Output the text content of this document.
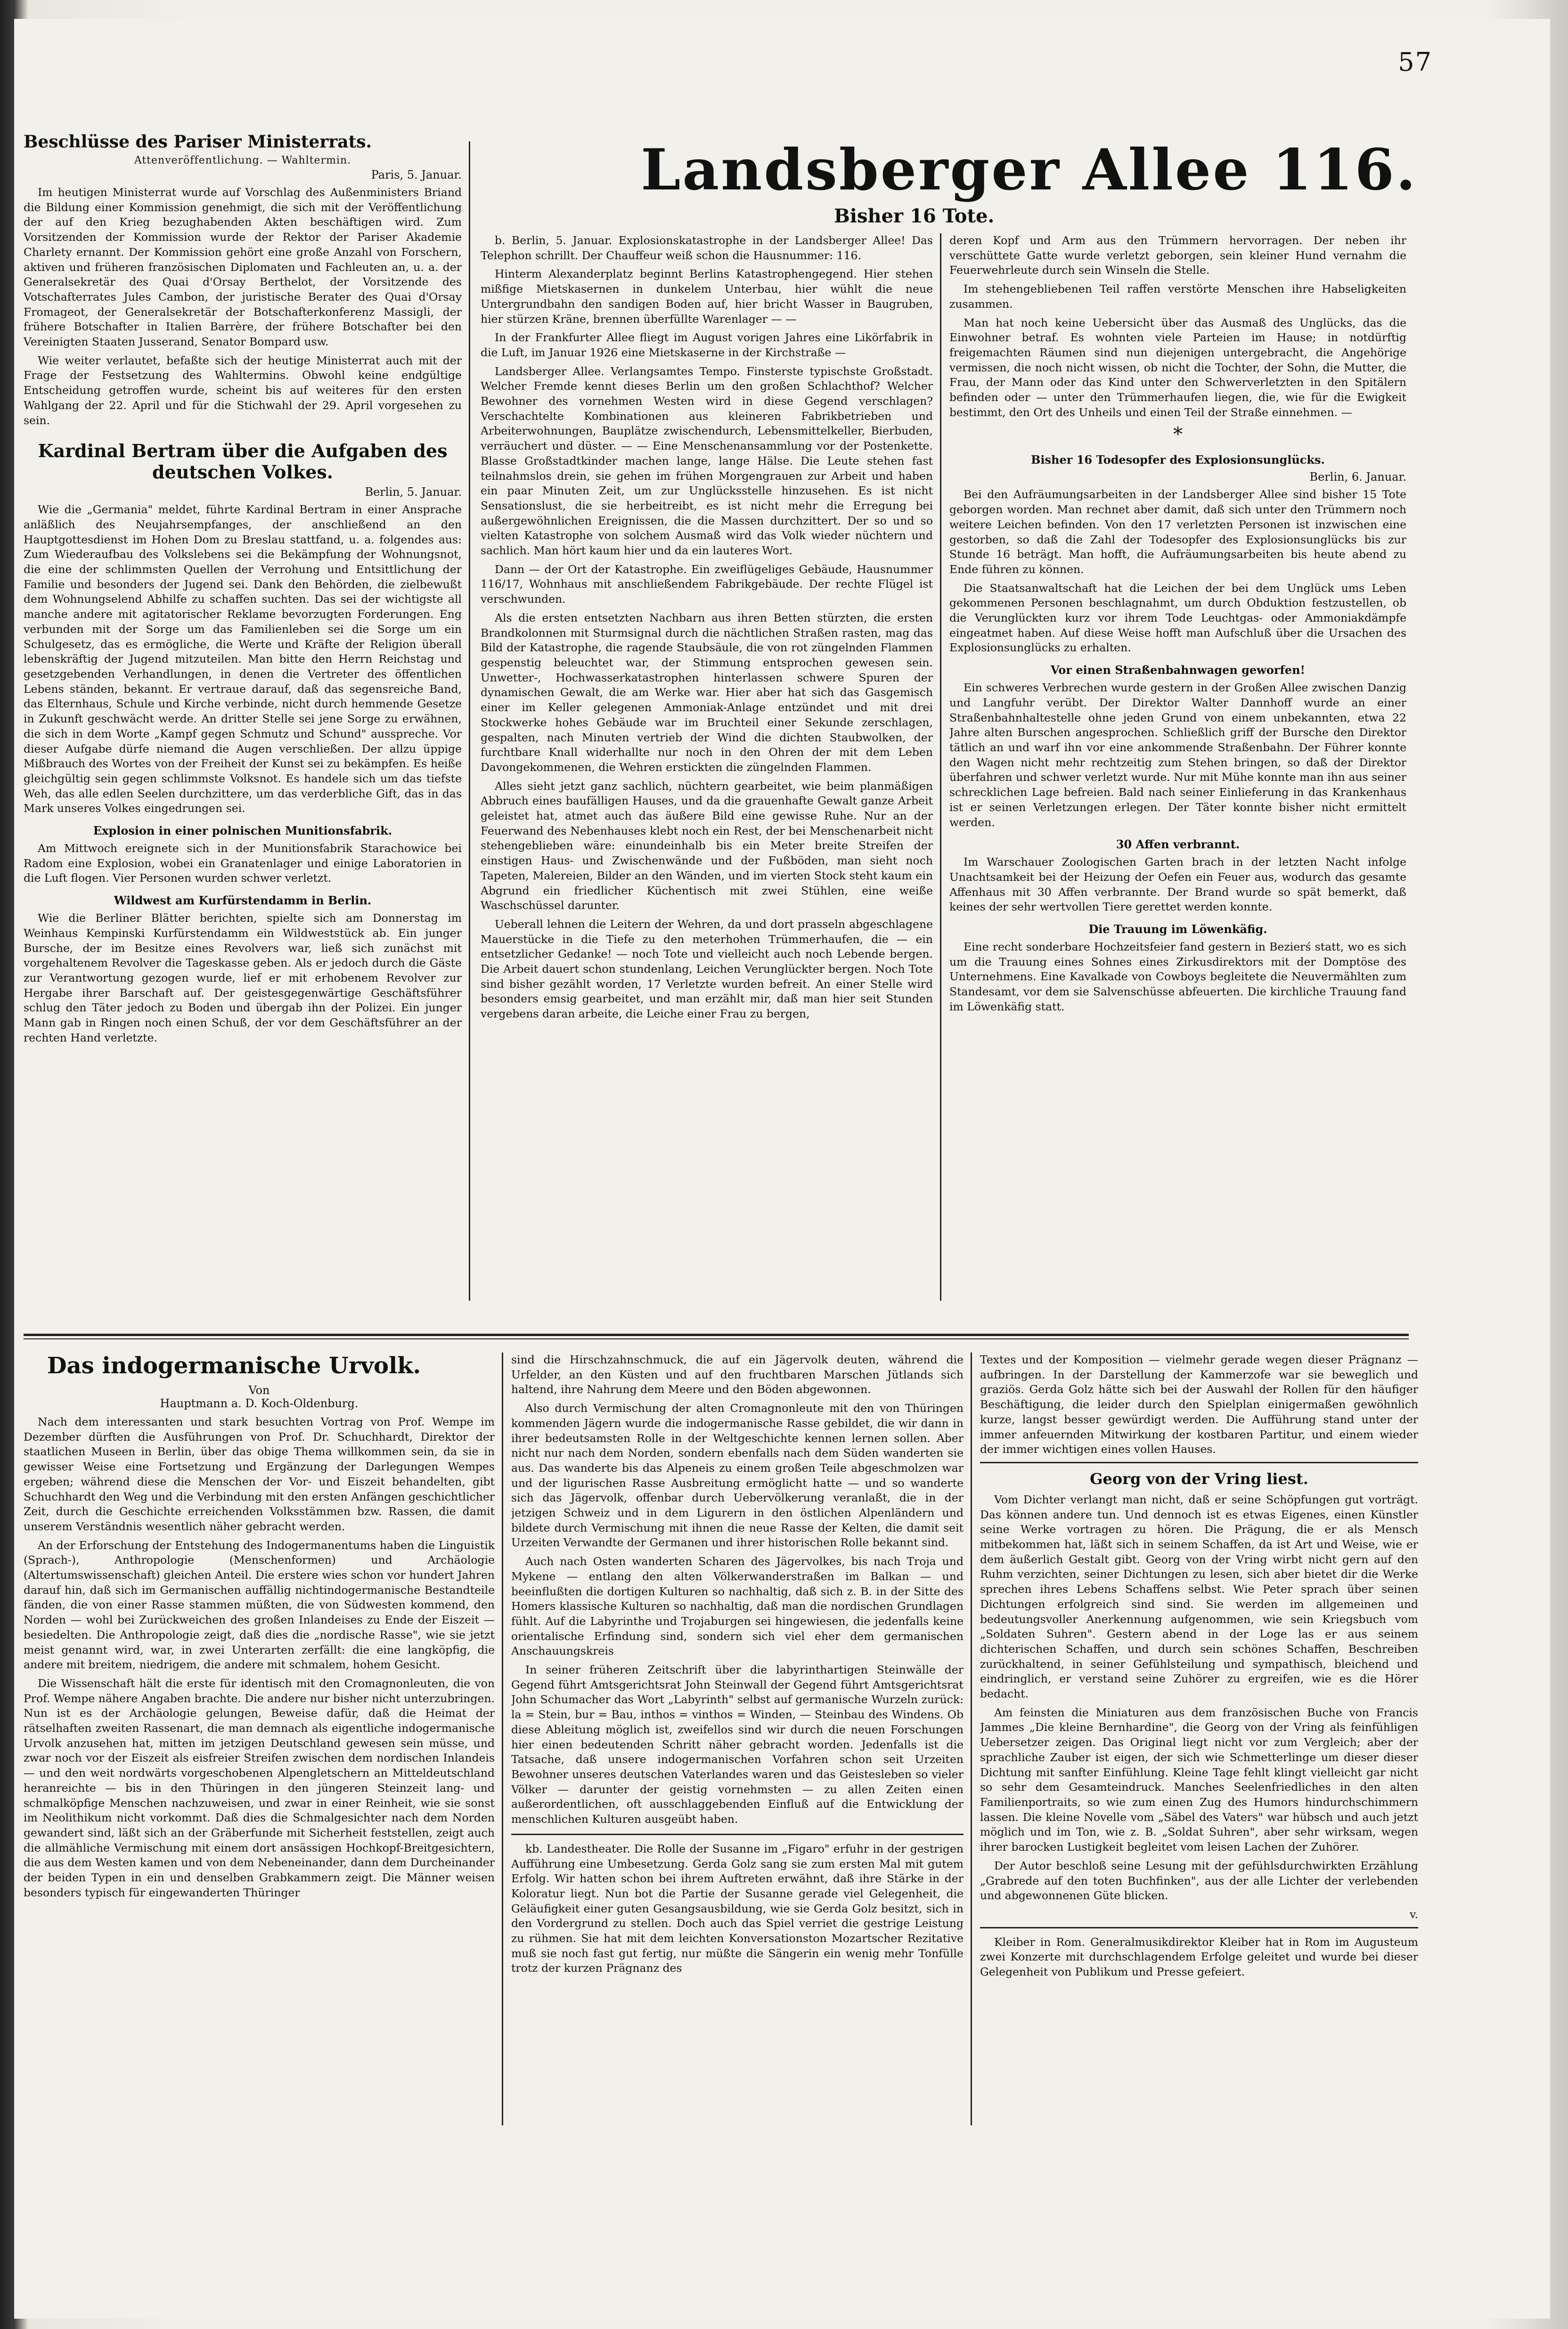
57
Beschlüsse des Pariser Ministerrats.
Attenveröffentlichung. — Wahltermin.
Paris, 5. Januar.

Im heutigen Ministerrat wurde auf Vorschlag des Außenministers Briand die Bildung einer Kommission genehmigt, die sich mit der Veröffentlichung der auf den Krieg bezughabenden Akten beschäftigen wird. Zum Vorsitzenden der Kommission wurde der Rektor der Pariser Akademie Charlety ernannt. Der Kommission gehört eine große Anzahl von Forschern, aktiven und früheren französischen Diplomaten und Fachleuten an, u. a. der Generalsekretär des Quai d'Orsay Berthelot, der Vorsitzende des Votschafterrates Jules Cambon, der juristische Berater des Quai d'Orsay Fromageot, der Generalsekretär der Botschafterkonferenz Massigli, der frühere Botschafter in Italien Barrère, der frühere Botschafter bei den Vereinigten Staaten Jusserand, Senator Bompard usw.

Wie weiter verlautet, befaßte sich der heutige Ministerrat auch mit der Frage der Festsetzung des Wahltermins. Obwohl keine endgültige Entscheidung getroffen wurde, scheint bis auf weiteres für den ersten Wahlgang der 22. April und für die Stichwahl der 29. April vorgesehen zu sein.

Kardinal Bertram über die Aufgaben des deutschen Volkes.
Berlin, 5. Januar.

Wie die „Germania" meldet, führte Kardinal Bertram in einer Ansprache anläßlich des Neujahrsempfanges, der anschließend an den Hauptgottesdienst im Hohen Dom zu Breslau stattfand, u. a. folgendes aus: Zum Wiederaufbau des Volkslebens sei die Bekämpfung der Wohnungsnot, die eine der schlimmsten Quellen der Verrohung und Entsittlichung der Familie und besonders der Jugend sei. Dank den Behörden, die zielbewußt dem Wohnungselend Abhilfe zu schaffen suchten. Das sei der wichtigste all manche andere mit agitatorischer Reklame bevorzugten Forderungen. Eng verbunden mit der Sorge um das Familienleben sei die Sorge um ein Schulgesetz, das es ermögliche, die Werte und Kräfte der Religion überall lebenskräftig der Jugend mitzuteilen. Man bitte den Herrn Reichstag und gesetzgebenden Verhandlungen, in denen die Vertreter des öffentlichen Lebens ständen, bekannt. Er vertraue darauf, daß das segensreiche Band, das Elternhaus, Schule und Kirche verbinde, nicht durch hemmende Gesetze in Zukunft geschwächt werde. An dritter Stelle sei jene Sorge zu erwähnen, die sich in dem Worte „Kampf gegen Schmutz und Schund" ausspreche. Vor dieser Aufgabe dürfe niemand die Augen verschließen. Der allzu üppige Mißbrauch des Wortes von der Freiheit der Kunst sei zu bekämpfen. Es heiße gleichgültig sein gegen schlimmste Volksnot. Es handele sich um das tiefste Weh, das alle edlen Seelen durchzittere, um das verderbliche Gift, das in das Mark unseres Volkes eingedrungen sei.

Explosion in einer polnischen Munitionsfabrik.

Am Mittwoch ereignete sich in der Munitionsfabrik Starachowice bei Radom eine Explosion, wobei ein Granatenlager und einige Laboratorien in die Luft flogen. Vier Personen wurden schwer verletzt.

Wildwest am Kurfürstendamm in Berlin.

Wie die Berliner Blätter berichten, spielte sich am Donnerstag im Weinhaus Kempinski Kurfürstendamm ein Wildweststück ab. Ein junger Bursche, der im Besitze eines Revolvers war, ließ sich zunächst mit vorgehaltenem Revolver die Tageskasse geben. Als er jedoch durch die Gäste zur Verantwortung gezogen wurde, lief er mit erhobenem Revolver zur Hergabe ihrer Barschaft auf. Der geistesgegenwärtige Geschäftsführer schlug den Täter jedoch zu Boden und übergab ihn der Polizei. Ein junger Mann gab in Ringen noch einen Schuß, der vor dem Geschäftsführer an der rechten Hand verletzte.

Landsberger Allee 116.
Bisher 16 Tote.

b. Berlin, 5. Januar. Explosionskatastrophe in der Landsberger Allee! Das Telephon schrillt. Der Chauffeur weiß schon die Hausnummer: 116.

Hinterm Alexanderplatz beginnt Berlins Katastrophengegend. Hier stehen mißfige Mietskasernen in dunkelem Unterbau, hier wühlt die neue Untergrundbahn den sandigen Boden auf, hier bricht Wasser in Baugruben, hier stürzen Kräne, brennen überfüllte Warenlager — —

In der Frankfurter Allee fliegt im August vorigen Jahres eine Likörfabrik in die Luft, im Januar 1926 eine Mietskaserne in der Kirchstraße —

Landsberger Allee. Verlangsamtes Tempo. Finsterste typischste Großstadt. Welcher Fremde kennt dieses Berlin um den großen Schlachthof? Welcher Bewohner des vornehmen Westen wird in diese Gegend verschlagen? Verschachtelte Kombinationen aus kleineren Fabrikbetrieben und Arbeiterwohnungen, Bauplätze zwischendurch, Lebensmittelkeller, Bierbuden, verräuchert und düster. — — Eine Menschenansammlung vor der Postenkette. Blasse Großstadtkinder machen lange, lange Hälse. Die Leute stehen fast teilnahmslos drein, sie gehen im frühen Morgengrauen zur Arbeit und haben ein paar Minuten Zeit, um zur Unglücksstelle hinzusehen. Es ist nicht Sensationslust, die sie herbeitreibt, es ist nicht mehr die Erregung bei außergewöhnlichen Ereignissen, die die Massen durchzittert. Der so und so vielten Katastrophe von solchem Ausmaß wird das Volk wieder nüchtern und sachlich. Man hört kaum hier und da ein lauteres Wort.

Dann — der Ort der Katastrophe. Ein zweiflügeliges Gebäude, Hausnummer 116/17, Wohnhaus mit anschließendem Fabrikgebäude. Der rechte Flügel ist verschwunden.

Als die ersten entsetzten Nachbarn aus ihren Betten stürzten, die ersten Brandkolonnen mit Sturmsignal durch die nächtlichen Straßen rasten, mag das Bild der Katastrophe, die ragende Staubsäule, die von rot züngelnden Flammen gespenstig beleuchtet war, der Stimmung entsprochen gewesen sein. Unwetter-, Hochwasserkatastrophen hinterlassen schwere Spuren der dynamischen Gewalt, die am Werke war. Hier aber hat sich das Gasgemisch einer im Keller gelegenen Ammoniak-Anlage entzündet und mit drei Stockwerke hohes Gebäude war im Bruchteil einer Sekunde zerschlagen, gespalten, nach Minuten vertrieb der Wind die dichten Staubwolken, der furchtbare Knall widerhallte nur noch in den Ohren der mit dem Leben Davongekommenen, die Wehren erstickten die züngelnden Flammen.

Alles sieht jetzt ganz sachlich, nüchtern gearbeitet, wie beim planmäßigen Abbruch eines baufälligen Hauses, und da die grauenhafte Gewalt ganze Arbeit geleistet hat, atmet auch das äußere Bild eine gewisse Ruhe. Nur an der Feuerwand des Nebenhauses klebt noch ein Rest, der bei Menschenarbeit nicht stehengeblieben wäre: einundeinhalb bis ein Meter breite Streifen der einstigen Haus- und Zwischenwände und der Fußböden, man sieht noch Tapeten, Malereien, Bilder an den Wänden, und im vierten Stock steht kaum ein Abgrund ein friedlicher Küchentisch mit zwei Stühlen, eine weiße Waschschüssel darunter.

Ueberall lehnen die Leitern der Wehren, da und dort prasseln abgeschlagene Mauerstücke in die Tiefe zu den meterhohen Trümmerhaufen, die — ein entsetzlicher Gedanke! — noch Tote und vielleicht auch noch Lebende bergen. Die Arbeit dauert schon stundenlang, Leichen Verunglückter bergen. Noch Tote sind bisher gezählt worden, 17 Verletzte wurden befreit. An einer Stelle wird besonders emsig gearbeitet, und man erzählt mir, daß man hier seit Stunden vergebens daran arbeite, die Leiche einer Frau zu bergen,

deren Kopf und Arm aus den Trümmern hervorragen. Der neben ihr verschüttete Gatte wurde verletzt geborgen, sein kleiner Hund vernahm die Feuerwehrleute durch sein Winseln die Stelle.

Im stehengebliebenen Teil raffen verstörte Menschen ihre Habseligkeiten zusammen.

Man hat noch keine Uebersicht über das Ausmaß des Unglücks, das die Einwohner betraf. Es wohnten viele Parteien im Hause; in notdürftig freigemachten Räumen sind nun diejenigen untergebracht, die Angehörige vermissen, die noch nicht wissen, ob nicht die Tochter, der Sohn, die Mutter, die Frau, der Mann oder das Kind unter den Schwerverletzten in den Spitälern befinden oder — unter den Trümmerhaufen liegen, die, wie für die Ewigkeit bestimmt, den Ort des Unheils und einen Teil der Straße einnehmen. —

*
Bisher 16 Todesopfer des Explosionsunglücks.
Berlin, 6. Januar.

Bei den Aufräumungsarbeiten in der Landsberger Allee sind bisher 15 Tote geborgen worden. Man rechnet aber damit, daß sich unter den Trümmern noch weitere Leichen befinden. Von den 17 verletzten Personen ist inzwischen eine gestorben, so daß die Zahl der Todesopfer des Explosionsunglücks bis zur Stunde 16 beträgt. Man hofft, die Aufräumungsarbeiten bis heute abend zu Ende führen zu können.

Die Staatsanwaltschaft hat die Leichen der bei dem Unglück ums Leben gekommenen Personen beschlagnahmt, um durch Obduktion festzustellen, ob die Verunglückten kurz vor ihrem Tode Leuchtgas- oder Ammoniakdämpfe eingeatmet haben. Auf diese Weise hofft man Aufschluß über die Ursachen des Explosionsunglücks zu erhalten.

Vor einen Straßenbahnwagen geworfen!

Ein schweres Verbrechen wurde gestern in der Großen Allee zwischen Danzig und Langfuhr verübt. Der Direktor Walter Dannhoff wurde an einer Straßenbahnhaltestelle ohne jeden Grund von einem unbekannten, etwa 22 Jahre alten Burschen angesprochen. Schließlich griff der Bursche den Direktor tätlich an und warf ihn vor eine ankommende Straßenbahn. Der Führer konnte den Wagen nicht mehr rechtzeitig zum Stehen bringen, so daß der Direktor überfahren und schwer verletzt wurde. Nur mit Mühe konnte man ihn aus seiner schrecklichen Lage befreien. Bald nach seiner Einlieferung in das Krankenhaus ist er seinen Verletzungen erlegen. Der Täter konnte bisher nicht ermittelt werden.

30 Affen verbrannt.

Im Warschauer Zoologischen Garten brach in der letzten Nacht infolge Unachtsamkeit bei der Heizung der Oefen ein Feuer aus, wodurch das gesamte Affenhaus mit 30 Affen verbrannte. Der Brand wurde so spät bemerkt, daß keines der sehr wertvollen Tiere gerettet werden konnte.

Die Trauung im Löwenkäfig.

Eine recht sonderbare Hochzeitsfeier fand gestern in Bezierś statt, wo es sich um die Trauung eines Sohnes eines Zirkusdirektors mit der Domptöse des Unternehmens. Eine Kavalkade von Cowboys begleitete die Neuvermählten zum Standesamt, vor dem sie Salvenschüsse abfeuerten. Die kirchliche Trauung fand im Löwenkäfig statt.

Das indogermanische Urvolk.
Von
Hauptmann a. D. Koch-Oldenburg.

Nach dem interessanten und stark besuchten Vortrag von Prof. Wempe im Dezember dürften die Ausführungen von Prof. Dr. Schuchhardt, Direktor der staatlichen Museen in Berlin, über das obige Thema willkommen sein, da sie in gewisser Weise eine Fortsetzung und Ergänzung der Darlegungen Wempes ergeben; während diese die Menschen der Vor- und Eiszeit behandelten, gibt Schuchhardt den Weg und die Verbindung mit den ersten Anfängen geschichtlicher Zeit, durch die Geschichte erreichenden Volksstämmen bzw. Rassen, die damit unserem Verständnis wesentlich näher gebracht werden.

An der Erforschung der Entstehung des Indogermanentums haben die Linguistik (Sprach-), Anthropologie (Menschenformen) und Archäologie (Altertumswissenschaft) gleichen Anteil. Die erstere wies schon vor hundert Jahren darauf hin, daß sich im Germanischen auffällig nichtindogermanische Bestandteile fänden, die von einer Rasse stammen müßten, die von Südwesten kommend, den Norden — wohl bei Zurückweichen des großen Inlandeises zu Ende der Eiszeit — besiedelten. Die Anthropologie zeigt, daß dies die „nordische Rasse", wie sie jetzt meist genannt wird, war, in zwei Unterarten zerfällt: die eine langköpfig, die andere mit breitem, niedrigem, die andere mit schmalem, hohem Gesicht.

Die Wissenschaft hält die erste für identisch mit den Cromagnonleuten, die von Prof. Wempe nähere Angaben brachte. Die andere nur bisher nicht unterzubringen. Nun ist es der Archäologie gelungen, Beweise dafür, daß die Heimat der rätselhaften zweiten Rassenart, die man demnach als eigentliche indogermanische Urvolk anzusehen hat, mitten im jetzigen Deutschland gewesen sein müsse, und zwar noch vor der Eiszeit als eisfreier Streifen zwischen dem nordischen Inlandeis — und den weit nordwärts vorgeschobenen Alpengletschern an Mitteldeutschland heranreichte — bis in den Thüringen in den jüngeren Steinzeit lang- und schmalköpfige Menschen nachzuweisen, und zwar in einer Reinheit, wie sie sonst im Neolithikum nicht vorkommt. Daß dies die Schmalgesichter nach dem Norden gewandert sind, läßt sich an der Gräberfunde mit Sicherheit feststellen, zeigt auch die allmähliche Vermischung mit einem dort ansässigen Hochkopf-Breitgesichtern, die aus dem Westen kamen und von dem Nebeneinander, dann dem Durcheinander der beiden Typen in ein und denselben Grabkammern zeigt. Die Männer weisen besonders typisch für eingewanderten Thüringer

sind die Hirschzahnschmuck, die auf ein Jägervolk deuten, während die Urfelder, an den Küsten und auf den fruchtbaren Marschen Jütlands sich haltend, ihre Nahrung dem Meere und den Böden abgewonnen.

Also durch Vermischung der alten Cromagnonleute mit den von Thüringen kommenden Jägern wurde die indogermanische Rasse gebildet, die wir dann in ihrer bedeutsamsten Rolle in der Weltgeschichte kennen lernen sollen. Aber nicht nur nach dem Norden, sondern ebenfalls nach dem Süden wanderten sie aus. Das wanderte bis das Alpeneis zu einem großen Teile abgeschmolzen war und der ligurischen Rasse Ausbreitung ermöglicht hatte — und so wanderte sich das Jägervolk, offenbar durch Uebervölkerung veranlaßt, die in der jetzigen Schweiz und in dem Ligurern in den östlichen Alpenländern und bildete durch Vermischung mit ihnen die neue Rasse der Kelten, die damit seit Urzeiten Verwandte der Germanen und ihrer historischen Rolle bekannt sind.

Auch nach Osten wanderten Scharen des Jägervolkes, bis nach Troja und Mykene — entlang den alten Völkerwanderstraßen im Balkan — und beeinflußten die dortigen Kulturen so nachhaltig, daß sich z. B. in der Sitte des Homers klassische Kulturen so nachhaltig, daß man die nordischen Grundlagen fühlt. Auf die Labyrinthe und Trojaburgen sei hingewiesen, die jedenfalls keine orientalische Erfindung sind, sondern sich viel eher dem germanischen Anschauungskreis

In seiner früheren Zeitschrift über die labyrinthartigen Steinwälle der Gegend führt Amtsgerichtsrat John Steinwall der Gegend führt Amtsgerichtsrat John Schumacher das Wort „Labyrinth" selbst auf germanische Wurzeln zurück: la = Stein, bur = Bau, inthos = vinthos = Winden, — Steinbau des Windens. Ob diese Ableitung möglich ist, zweifellos sind wir durch die neuen Forschungen hier einen bedeutenden Schritt näher gebracht worden. Jedenfalls ist die Tatsache, daß unsere indogermanischen Vorfahren schon seit Urzeiten Bewohner unseres deutschen Vaterlandes waren und das Geistesleben so vieler Völker — darunter der geistig vornehmsten — zu allen Zeiten einen außerordentlichen, oft ausschlaggebenden Einfluß auf die Entwicklung der menschlichen Kulturen ausgeübt haben.

kb. Landestheater. Die Rolle der Susanne im „Figaro" erfuhr in der gestrigen Aufführung eine Umbesetzung. Gerda Golz sang sie zum ersten Mal mit gutem Erfolg. Wir hatten schon bei ihrem Auftreten erwähnt, daß ihre Stärke in der Koloratur liegt. Nun bot die Partie der Susanne gerade viel Gelegenheit, die Geläufigkeit einer guten Gesangsausbildung, wie sie Gerda Golz besitzt, sich in den Vordergrund zu stellen. Doch auch das Spiel verriet die gestrige Leistung zu rühmen. Sie hat mit dem leichten Konversationston Mozartscher Rezitative muß sie noch fast gut fertig, nur müßte die Sängerin ein wenig mehr Tonfülle trotz der kurzen Prägnanz des

Textes und der Komposition — vielmehr gerade wegen dieser Prägnanz — aufbringen. In der Darstellung der Kammerzofe war sie beweglich und graziös. Gerda Golz hätte sich bei der Auswahl der Rollen für den häufiger Beschäftigung, die leider durch den Spielplan einigermaßen gewöhnlich kurze, langst besser gewürdigt werden. Die Aufführung stand unter der immer anfeuernden Mitwirkung der kostbaren Partitur, und einem wieder der immer wichtigen eines vollen Hauses.

Georg von der Vring liest.

Vom Dichter verlangt man nicht, daß er seine Schöpfungen gut vorträgt. Das können andere tun. Und dennoch ist es etwas Eigenes, einen Künstler seine Werke vortragen zu hören. Die Prägung, die er als Mensch mitbekommen hat, läßt sich in seinem Schaffen, da ist Art und Weise, wie er dem äußerlich Gestalt gibt. Georg von der Vring wirbt nicht gern auf den Ruhm verzichten, seiner Dichtungen zu lesen, sich aber bietet dir die Werke sprechen ihres Lebens Schaffens selbst. Wie Peter sprach über seinen Dichtungen erfolgreich sind sind. Sie werden im allgemeinen und bedeutungsvoller Anerkennung aufgenommen, wie sein Kriegsbuch vom „Soldaten Suhren". Gestern abend in der Loge las er aus seinem dichterischen Schaffen, und durch sein schönes Schaffen, Beschreiben zurückhaltend, in seiner Gefühlsteilung und sympathisch, bleichend und eindringlich, er verstand seine Zuhörer zu ergreifen, wie es die Hörer bedacht.

Am feinsten die Miniaturen aus dem französischen Buche von Francis Jammes „Die kleine Bernhardine", die Georg von der Vring als feinfühligen Uebersetzer zeigen. Das Original liegt nicht vor zum Vergleich; aber der sprachliche Zauber ist eigen, der sich wie Schmetterlinge um dieser dieser Dichtung mit sanfter Einfühlung. Kleine Tage fehlt klingt vielleicht gar nicht so sehr dem Gesamteindruck. Manches Seelenfriedliches in den alten Familienportraits, so wie zum einen Zug des Humors hindurchschimmern lassen. Die kleine Novelle vom „Säbel des Vaters" war hübsch und auch jetzt möglich und im Ton, wie z. B. „Soldat Suhren", aber sehr wirksam, wegen ihrer barocken Lustigkeit begleitet vom leisen Lachen der Zuhörer.

Der Autor beschloß seine Lesung mit der gefühlsdurchwirkten Erzählung „Grabrede auf den toten Buchfinken", aus der alle Lichter der verlebenden und abgewonnenen Güte blicken.

v.

Kleiber in Rom. Generalmusikdirektor Kleiber hat in Rom im Augusteum zwei Konzerte mit durchschlagendem Erfolge geleitet und wurde bei dieser Gelegenheit von Publikum und Presse gefeiert.
